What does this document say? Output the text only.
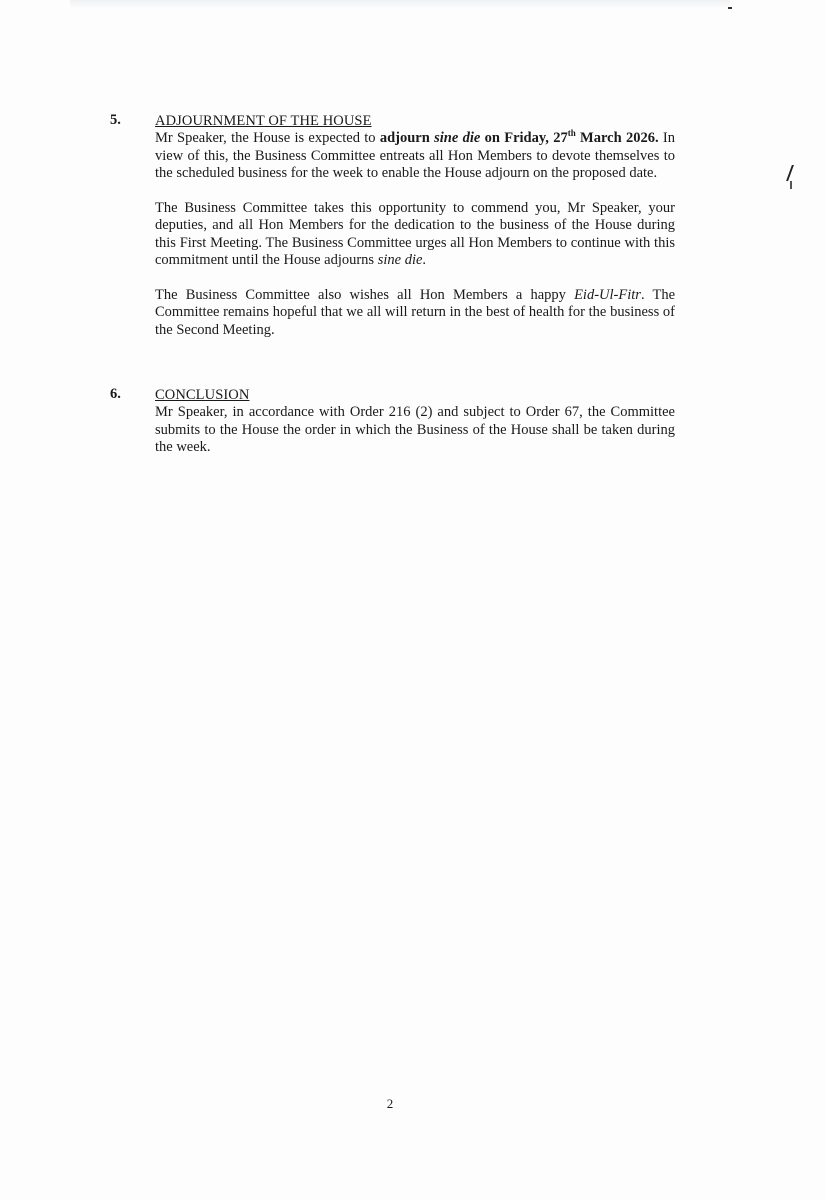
5. ADJOURNMENT OF THE HOUSE

Mr Speaker, the House is expected to adjourn sine die on Friday, 27th March 2026. In view of this, the Business Committee entreats all Hon Members to devote themselves to the scheduled business for the week to enable the House adjourn on the proposed date.

The Business Committee takes this opportunity to commend you, Mr Speaker, your deputies, and all Hon Members for the dedication to the business of the House during this First Meeting. The Business Committee urges all Hon Members to continue with this commitment until the House adjourns sine die.

The Business Committee also wishes all Hon Members a happy Eid-Ul-Fitr. The Committee remains hopeful that we all will return in the best of health for the business of the Second Meeting.

6. CONCLUSION

Mr Speaker, in accordance with Order 216 (2) and subject to Order 67, the Committee submits to the House the order in which the Business of the House shall be taken during the week.

2
